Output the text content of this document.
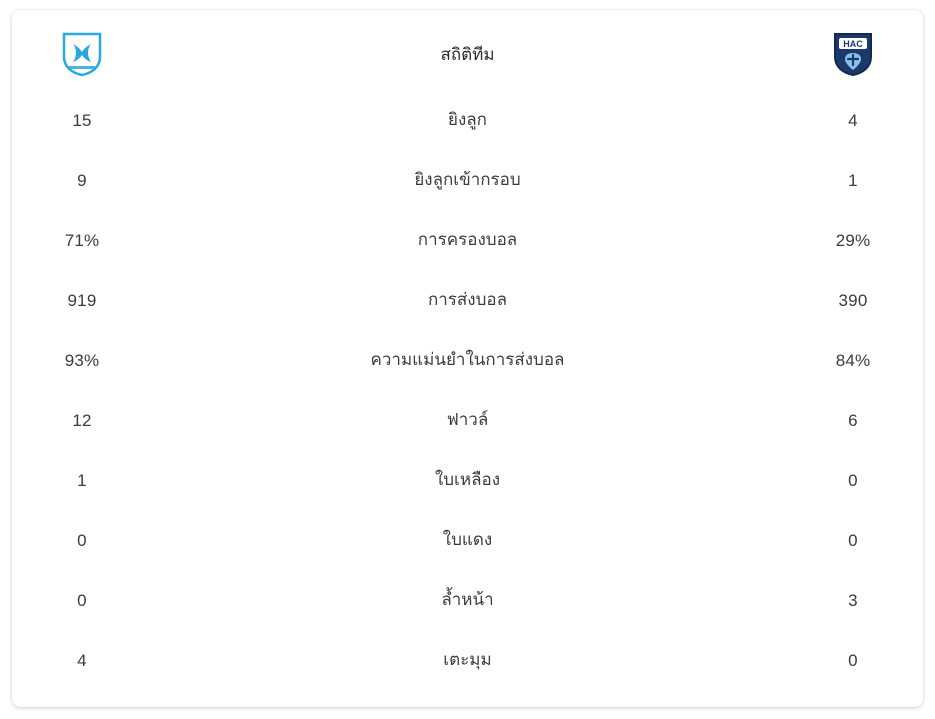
สถิติทีม
HAC
15	ยิงลูก	4
9	ยิงลูกเข้ากรอบ	1
71%	การครองบอล	29%
919	การส่งบอล	390
93%	ความแม่นยำในการส่งบอล	84%
12	ฟาวล์	6
1	ใบเหลือง	0
0	ใบแดง	0
0	ล้ำหน้า	3
4	เตะมุม	0
